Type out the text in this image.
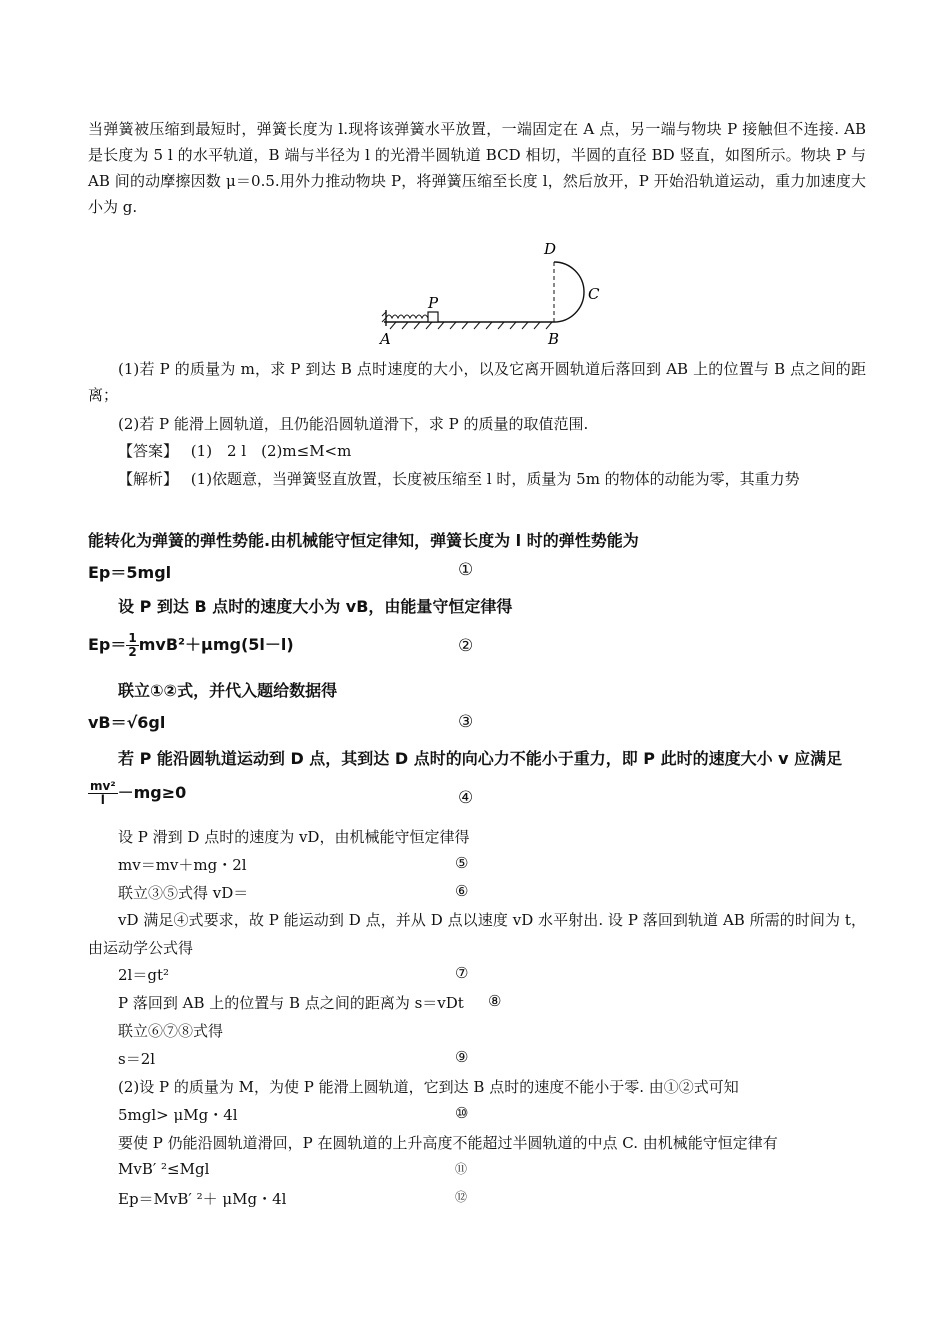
当弹簧被压缩到最短时，弹簧长度为 l.现将该弹簧水平放置，一端固定在 A 点，另一端与物块 P 接触但不连接. AB 是长度为 5 l 的水平轨道，B 端与半径为 l 的光滑半圆轨道 BCD 相切，半圆的直径 BD 竖直，如图所示。物块 P 与 AB 间的动摩擦因数 μ＝0.5.用外力推动物块 P，将弹簧压缩至长度 l，然后放开，P 开始沿轨道运动，重力加速度大小为 g.
A	B
C
D
P
(1)若 P 的质量为 m，求 P 到达 B 点时速度的大小，以及它离开圆轨道后落回到 AB 上的位置与 B 点之间的距离；
(2)若 P 能滑上圆轨道，且仍能沿圆轨道滑下，求 P 的质量的取值范围.
【答案】 (1)　2 l　(2)m≤M<m
【解析】 (1)依题意，当弹簧竖直放置，长度被压缩至 l 时，质量为 5m 的物体的动能为零，其重力势
能转化为弹簧的弹性势能.由机械能守恒定律知，弹簧长度为 l 时的弹性势能为
Ep＝5mgl	①
设 P 到达 B 点时的速度大小为 vB，由能量守恒定律得
$Ep= \frac{1}{2} mvB^2+\mu mg(5l-l)$	②
联立①②式，并代入题给数据得
vB＝√6gl	③
若 P 能沿圆轨道运动到 D 点，其到达 D 点时的向心力不能小于重力，即 P 此时的速度大小 v 应满足
$\frac{\text{mv²}}{l} -mg\ge 0$	④
设 P 滑到 D 点时的速度为 vD，由机械能守恒定律得
mv＝mv＋mg・2l	⑤
联立③⑤式得 vD＝	⑥
vD 满足④式要求，故 P 能运动到 D 点，并从 D 点以速度 vD 水平射出. 设 P 落回到轨道 AB 所需的时间为 t，由运动学公式得
2l＝gt²	⑦
P 落回到 AB 上的位置与 B 点之间的距离为 s＝vDt ⑧
联立⑥⑦⑧式得
s＝2l	⑨
(2)设 P 的质量为 M，为使 P 能滑上圆轨道，它到达 B 点时的速度不能小于零. 由①②式可知
5mgl> μMg・4l	⑩
要使 P 仍能沿圆轨道滑回，P 在圆轨道的上升高度不能超过半圆轨道的中点 C. 由机械能守恒定律有
MvB′ ²≤Mgl	⑪
Ep＝MvB′ ²＋ μMg・4l	⑫
